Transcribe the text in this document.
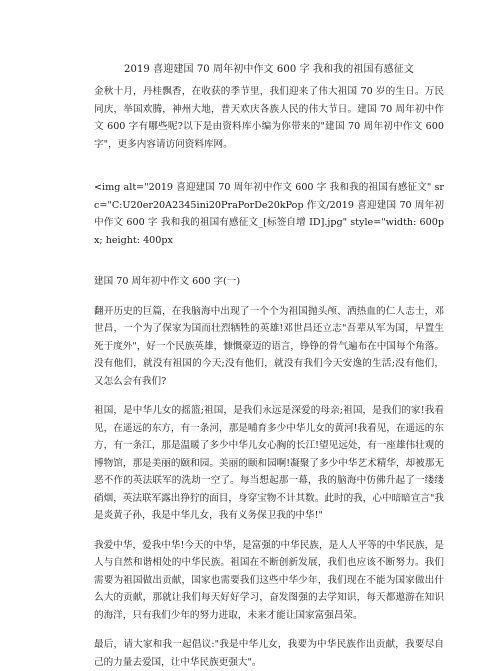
2019 喜迎建国 70 周年初中作文 600 字 我和我的祖国有感征文

金秋十月，丹桂飘香，在收获的季节里，我们迎来了伟大祖国 70 岁的生日。万民同庆，举国欢腾，神州大地，普天欢庆各族人民的伟大节日。建国 70 周年初中作文 600 字有哪些呢?以下是由资料库小编为你带来的"建国 70 周年初中作文 600 字"，更多内容请访问资料库网。

<img alt="2019 喜迎建国 70 周年初中作文 600 字 我和我的祖国有感征文" src="C:U20er20A2345ini20PraPorDe20kPop 作文/2019 喜迎建国 70 周年初中作文 600 字 我和我的祖国有感征文_[标签自增 ID].jpg" style="width: 600px; height: 400px

建国 70 周年初中作文 600 字(一)

翻开历史的巨篇，在我脑海中出现了一个个为祖国抛头颅、洒热血的仁人志士，邓世昌，一个为了保家为国而壮烈牺牲的英雄!邓世昌还立志"吾辈从军为国，早置生死于度外"，好一个民族英雄，慷慨豪迈的语言，铮铮的骨气遍布在中国每个角落。没有他们，就没有祖国的今天;没有他们，就没有我们今天安逸的生活;没有他们，又怎么会有我们?

祖国，是中华儿女的摇篮;祖国，是我们永远是深爱的母亲;祖国，是我们的家!我看见，在遥远的东方，有一条河，那是哺育多少中华儿女的黄河!我看见，在遥远的东方，有一条江，那是温暖了多少中华儿女心胸的长江!望见远处，有一座雄伟壮观的博物馆，那是美丽的颐和园。美丽的颐和园啊!凝聚了多少中华艺术精华，却被那无恶不作的英法联军的洗劫一空了。每当想起那一幕，我的脑海中仿佛升起了一缕缕硝烟，英法联军露出狰狞的面目，身穿宝物不计其数。此时的我，心中暗暗宣言"我是炎黄子孙，我是中华儿女，我有义务保卫我的中华!"

我爱中华，爱我中华!今天的中华，是富强的中华民族，是人人平等的中华民族，是人与自然和谐相处的中华民族。祖国在不断创新发展，我们也应该不断努力。我们需要为祖国做出贡献，国家也需要我们这些中华少年，我们现在不能为国家做出什么大的贡献，那就让我们每天好好学习，奋发图强的去学知识，每天都遨游在知识的海洋，只有我们少年的努力进取，未来才能让国家富强昌荣。

最后，请大家和我一起倡议:"我是中华儿女，我要为中华民族作出贡献，我要尽自己的力量去爱国，让中华民族更强大"。
